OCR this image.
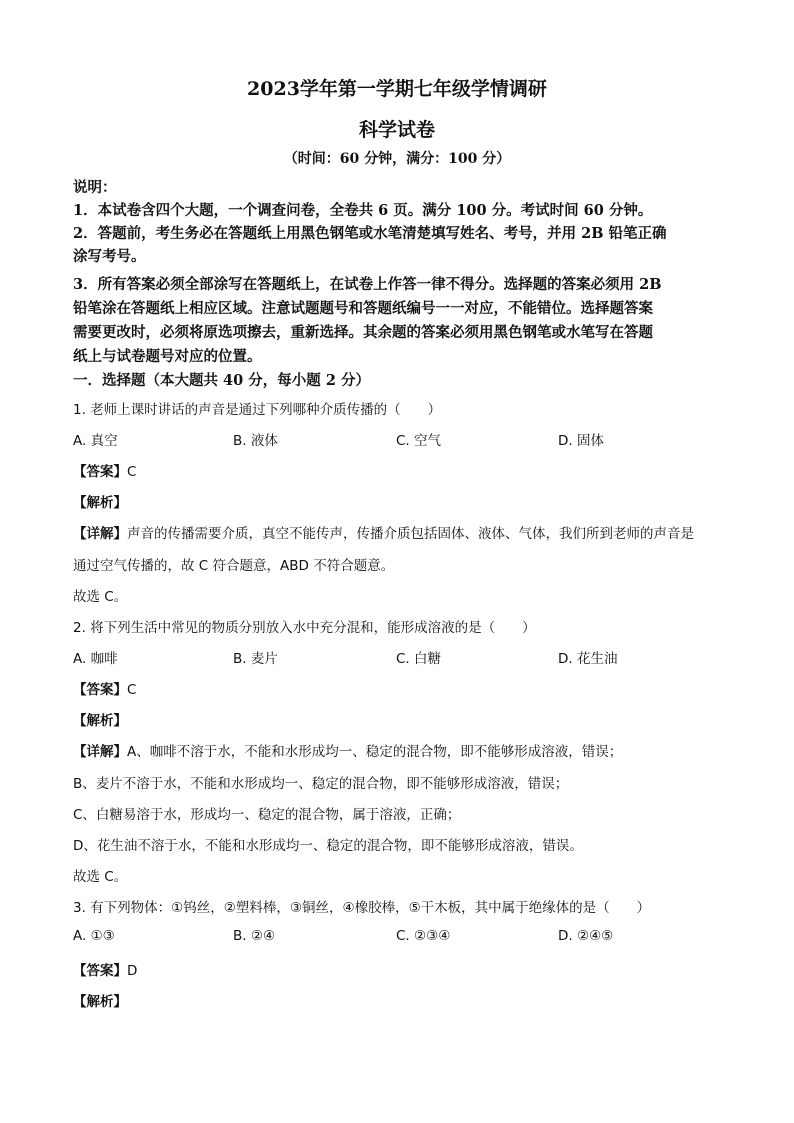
2023学年第一学期七年级学情调研
科学试卷
（时间：60 分钟，满分：100 分）
说明：
1．本试卷含四个大题，一个调查问卷，全卷共 6 页。满分 100 分。考试时间 60 分钟。
2．答题前，考生务必在答题纸上用黑色钢笔或水笔清楚填写姓名、考号，并用 2B 铅笔正确
涂写考号。
3．所有答案必须全部涂写在答题纸上，在试卷上作答一律不得分。选择题的答案必须用 2B
铅笔涂在答题纸上相应区域。注意试题题号和答题纸编号一一对应，不能错位。选择题答案
需要更改时，必须将原选项擦去，重新选择。其余题的答案必须用黑色钢笔或水笔写在答题
纸上与试卷题号对应的位置。
一．选择题（本大题共 40 分，每小题 2 分）
1. 老师上课时讲话的声音是通过下列哪种介质传播的（　　）
A. 真空	B. 液体	C. 空气	D. 固体
【答案】C
【解析】
【详解】声音的传播需要介质，真空不能传声，传播介质包括固体、液体、气体，我们所到老师的声音是
通过空气传播的，故 C 符合题意，ABD 不符合题意。
故选 C。
2. 将下列生活中常见的物质分别放入水中充分混和，能形成溶液的是（　　）
A. 咖啡	B. 麦片	C. 白糖	D. 花生油
【答案】C
【解析】
【详解】A、咖啡不溶于水，不能和水形成均一、稳定的混合物，即不能够形成溶液，错误；
B、麦片不溶于水，不能和水形成均一、稳定的混合物，即不能够形成溶液，错误；
C、白糖易溶于水，形成均一、稳定的混合物，属于溶液，正确；
D、花生油不溶于水，不能和水形成均一、稳定的混合物，即不能够形成溶液，错误。
故选 C。
3. 有下列物体：①钨丝，②塑料棒，③铜丝，④橡胶棒，⑤干木板，其中属于绝缘体的是（　　）
A. ①③	B. ②④	C. ②③④	D. ②④⑤
【答案】D
【解析】
